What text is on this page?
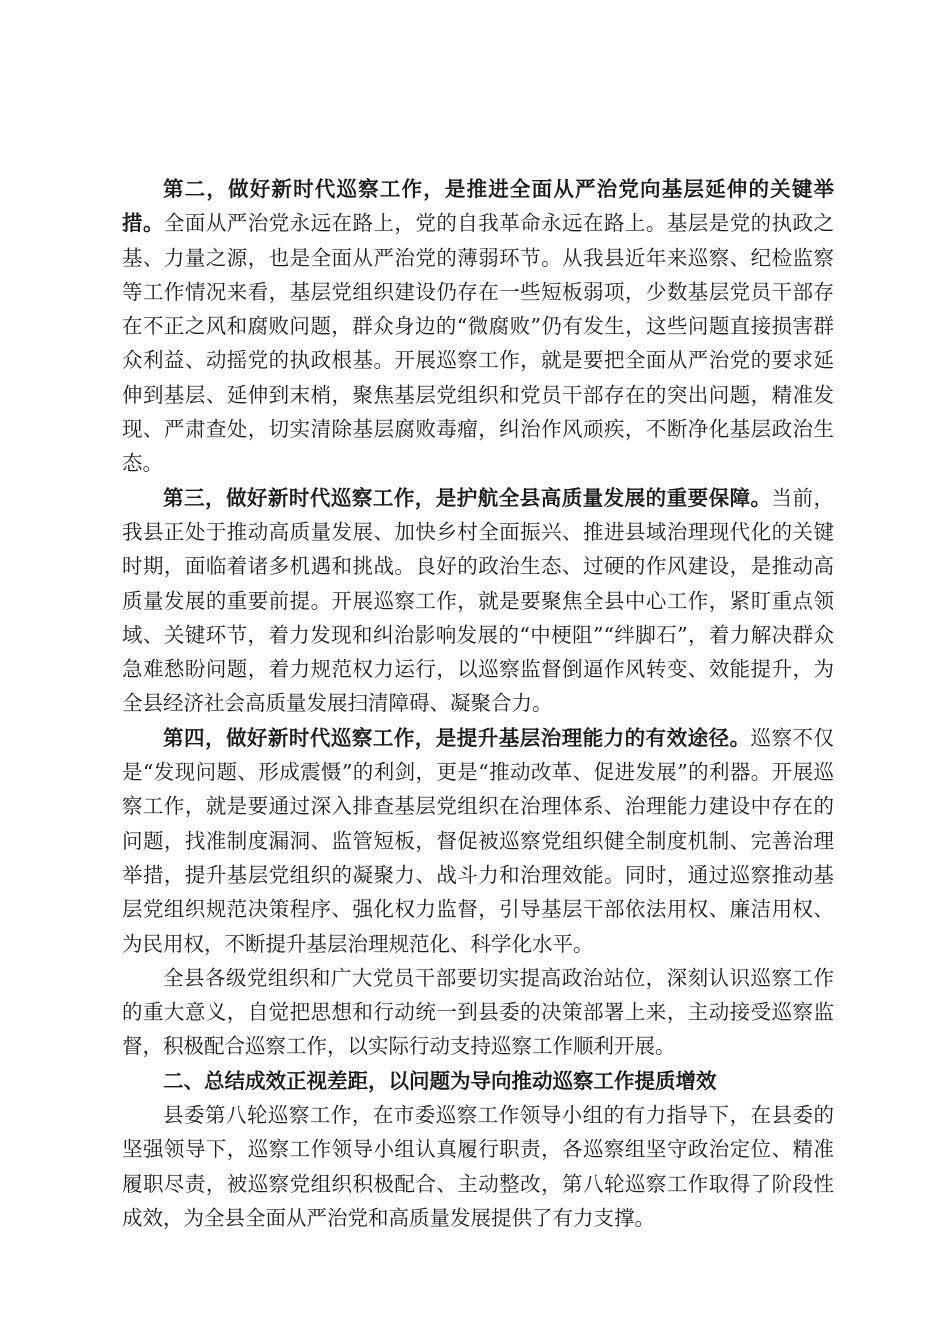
第二，做好新时代巡察工作，是推进全面从严治党向基层延伸的关键举措。全面从严治党永远在路上，党的自我革命永远在路上。基层是党的执政之基、力量之源，也是全面从严治党的薄弱环节。从我县近年来巡察、纪检监察等工作情况来看，基层党组织建设仍存在一些短板弱项，少数基层党员干部存在不正之风和腐败问题，群众身边的“微腐败”仍有发生，这些问题直接损害群众利益、动摇党的执政根基。开展巡察工作，就是要把全面从严治党的要求延伸到基层、延伸到末梢，聚焦基层党组织和党员干部存在的突出问题，精准发现、严肃查处，切实清除基层腐败毒瘤，纠治作风顽疾，不断净化基层政治生态。

第三，做好新时代巡察工作，是护航全县高质量发展的重要保障。当前，我县正处于推动高质量发展、加快乡村全面振兴、推进县域治理现代化的关键时期，面临着诸多机遇和挑战。良好的政治生态、过硬的作风建设，是推动高质量发展的重要前提。开展巡察工作，就是要聚焦全县中心工作，紧盯重点领域、关键环节，着力发现和纠治影响发展的“中梗阻”“绊脚石”，着力解决群众急难愁盼问题，着力规范权力运行，以巡察监督倒逼作风转变、效能提升，为全县经济社会高质量发展扫清障碍、凝聚合力。

第四，做好新时代巡察工作，是提升基层治理能力的有效途径。巡察不仅是“发现问题、形成震慑”的利剑，更是“推动改革、促进发展”的利器。开展巡察工作，就是要通过深入排查基层党组织在治理体系、治理能力建设中存在的问题，找准制度漏洞、监管短板，督促被巡察党组织健全制度机制、完善治理举措，提升基层党组织的凝聚力、战斗力和治理效能。同时，通过巡察推动基层党组织规范决策程序、强化权力监督，引导基层干部依法用权、廉洁用权、为民用权，不断提升基层治理规范化、科学化水平。

全县各级党组织和广大党员干部要切实提高政治站位，深刻认识巡察工作的重大意义，自觉把思想和行动统一到县委的决策部署上来，主动接受巡察监督，积极配合巡察工作，以实际行动支持巡察工作顺利开展。

二、总结成效正视差距，以问题为导向推动巡察工作提质增效

县委第八轮巡察工作，在市委巡察工作领导小组的有力指导下，在县委的坚强领导下，巡察工作领导小组认真履行职责，各巡察组坚守政治定位、精准履职尽责，被巡察党组织积极配合、主动整改，第八轮巡察工作取得了阶段性成效，为全县全面从严治党和高质量发展提供了有力支撑。
